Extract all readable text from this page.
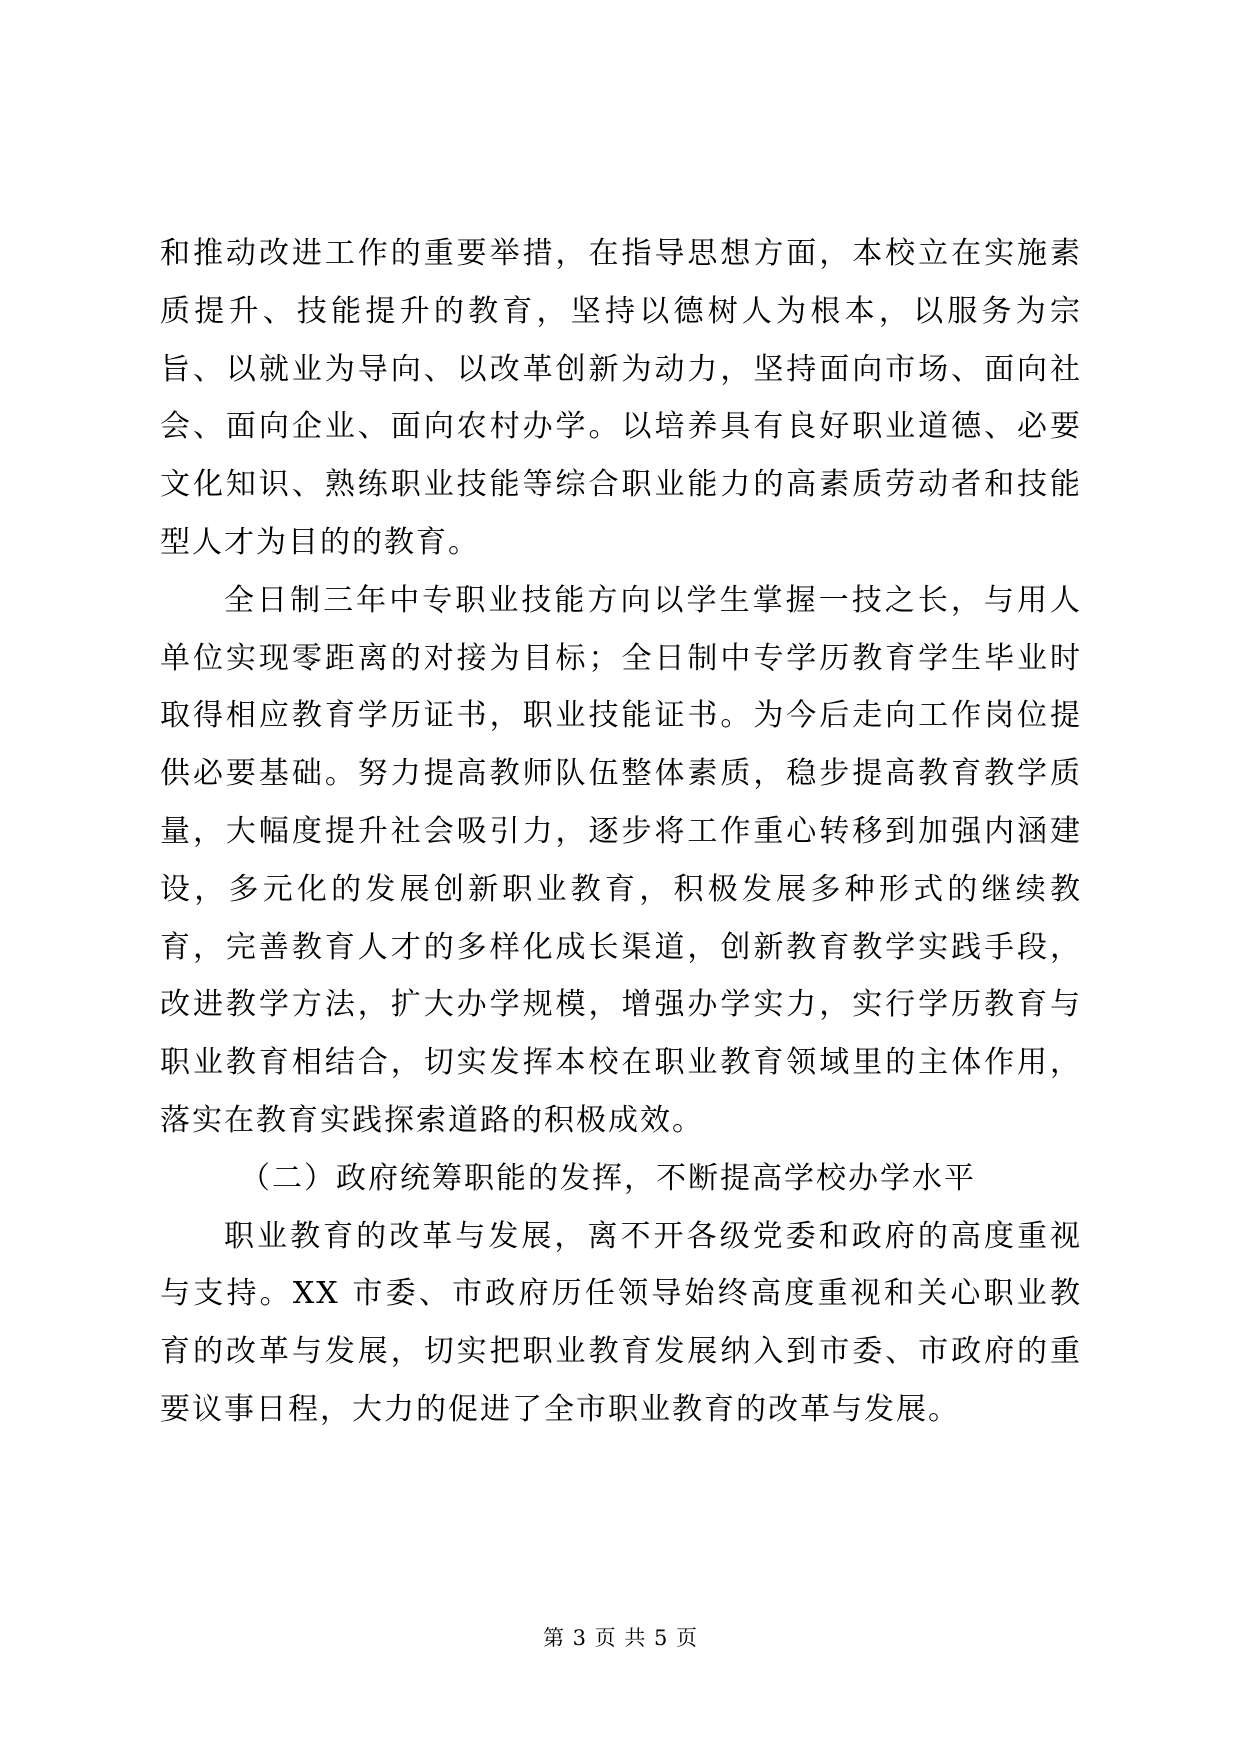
和推动改进工作的重要举措，在指导思想方面，本校立在实施素质提升、技能提升的教育，坚持以德树人为根本，以服务为宗旨、以就业为导向、以改革创新为动力，坚持面向市场、面向社会、面向企业、面向农村办学。以培养具有良好职业道德、必要文化知识、熟练职业技能等综合职业能力的高素质劳动者和技能型人才为目的的教育。

全日制三年中专职业技能方向以学生掌握一技之长，与用人单位实现零距离的对接为目标；全日制中专学历教育学生毕业时取得相应教育学历证书，职业技能证书。为今后走向工作岗位提供必要基础。努力提高教师队伍整体素质，稳步提高教育教学质量，大幅度提升社会吸引力，逐步将工作重心转移到加强内涵建设，多元化的发展创新职业教育，积极发展多种形式的继续教育，完善教育人才的多样化成长渠道，创新教育教学实践手段，改进教学方法，扩大办学规模，增强办学实力，实行学历教育与职业教育相结合，切实发挥本校在职业教育领域里的主体作用，落实在教育实践探索道路的积极成效。

（二）政府统筹职能的发挥，不断提高学校办学水平

职业教育的改革与发展，离不开各级党委和政府的高度重视与支持。XX 市委、市政府历任领导始终高度重视和关心职业教育的改革与发展，切实把职业教育发展纳入到市委、市政府的重要议事日程，大力的促进了全市职业教育的改革与发展。

第 3 页 共 5 页
